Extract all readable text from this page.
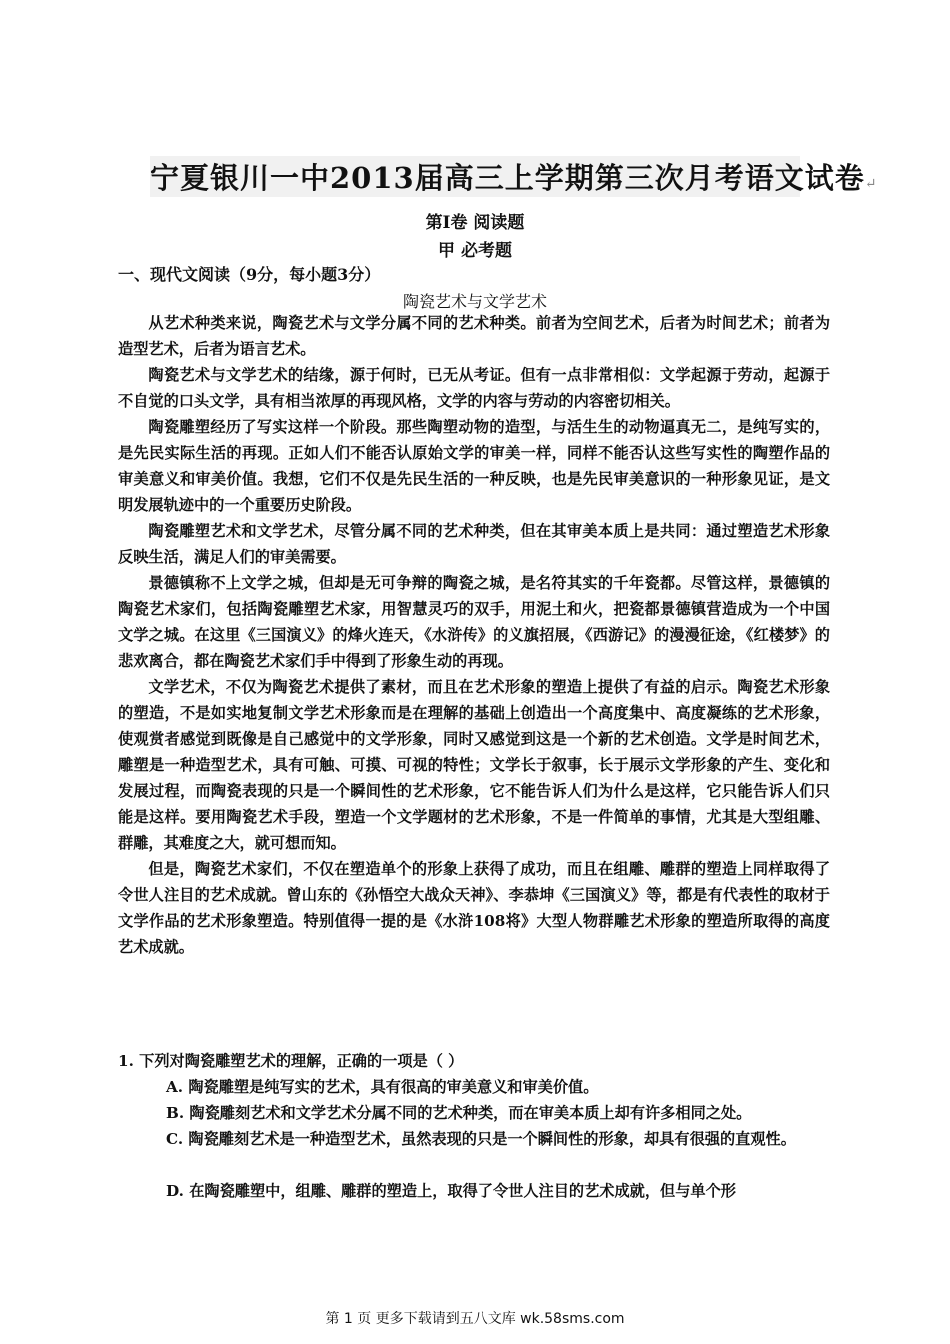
宁夏银川一中2013届高三上学期第三次月考语文试卷↵
第Ⅰ卷 阅读题
甲 必考题
一、现代文阅读（9分，每小题3分）
陶瓷艺术与文学艺术

从艺术种类来说，陶瓷艺术与文学分属不同的艺术种类。前者为空间艺术，后者为时间艺术；前者为造型艺术，后者为语言艺术。

陶瓷艺术与文学艺术的结缘，源于何时，已无从考证。但有一点非常相似：文学起源于劳动，起源于不自觉的口头文学，具有相当浓厚的再现风格，文学的内容与劳动的内容密切相关。

陶瓷雕塑经历了写实这样一个阶段。那些陶塑动物的造型，与活生生的动物逼真无二，是纯写实的，是先民实际生活的再现。正如人们不能否认原始文学的审美一样，同样不能否认这些写实性的陶塑作品的审美意义和审美价值。我想，它们不仅是先民生活的一种反映，也是先民审美意识的一种形象见证，是文明发展轨迹中的一个重要历史阶段。

陶瓷雕塑艺术和文学艺术，尽管分属不同的艺术种类，但在其审美本质上是共同：通过塑造艺术形象反映生活，满足人们的审美需要。

景德镇称不上文学之城，但却是无可争辩的陶瓷之城，是名符其实的千年瓷都。尽管这样，景德镇的陶瓷艺术家们，包括陶瓷雕塑艺术家，用智慧灵巧的双手，用泥土和火，把瓷都景德镇营造成为一个中国文学之城。在这里《三国演义》的烽火连天，《水浒传》的义旗招展，《西游记》的漫漫征途，《红楼梦》的悲欢离合，都在陶瓷艺术家们手中得到了形象生动的再现。

文学艺术，不仅为陶瓷艺术提供了素材，而且在艺术形象的塑造上提供了有益的启示。陶瓷艺术形象的塑造，不是如实地复制文学艺术形象而是在理解的基础上创造出一个高度集中、高度凝练的艺术形象，使观赏者感觉到既像是自己感觉中的文学形象，同时又感觉到这是一个新的艺术创造。文学是时间艺术，雕塑是一种造型艺术，具有可触、可摸、可视的特性；文学长于叙事，长于展示文学形象的产生、变化和发展过程，而陶瓷表现的只是一个瞬间性的艺术形象，它不能告诉人们为什么是这样，它只能告诉人们只能是这样。要用陶瓷艺术手段，塑造一个文学题材的艺术形象，不是一件简单的事情，尤其是大型组雕、群雕，其难度之大，就可想而知。

但是，陶瓷艺术家们，不仅在塑造单个的形象上获得了成功，而且在组雕、雕群的塑造上同样取得了令世人注目的艺术成就。曾山东的《孙悟空大战众天神》、李恭坤《三国演义》等，都是有代表性的取材于文学作品的艺术形象塑造。特别值得一提的是《水浒108将》大型人物群雕艺术形象的塑造所取得的高度艺术成就。

1. 下列对陶瓷雕塑艺术的理解，正确的一项是（ ）
A. 陶瓷雕塑是纯写实的艺术，具有很高的审美意义和审美价值。
B. 陶瓷雕刻艺术和文学艺术分属不同的艺术种类，而在审美本质上却有许多相同之处。
C. 陶瓷雕刻艺术是一种造型艺术，虽然表现的只是一个瞬间性的形象，却具有很强的直观性。
D. 在陶瓷雕塑中，组雕、雕群的塑造上，取得了令世人注目的艺术成就，但与单个形
第 1 页 更多下载请到五八文库 wk.58sms.com
